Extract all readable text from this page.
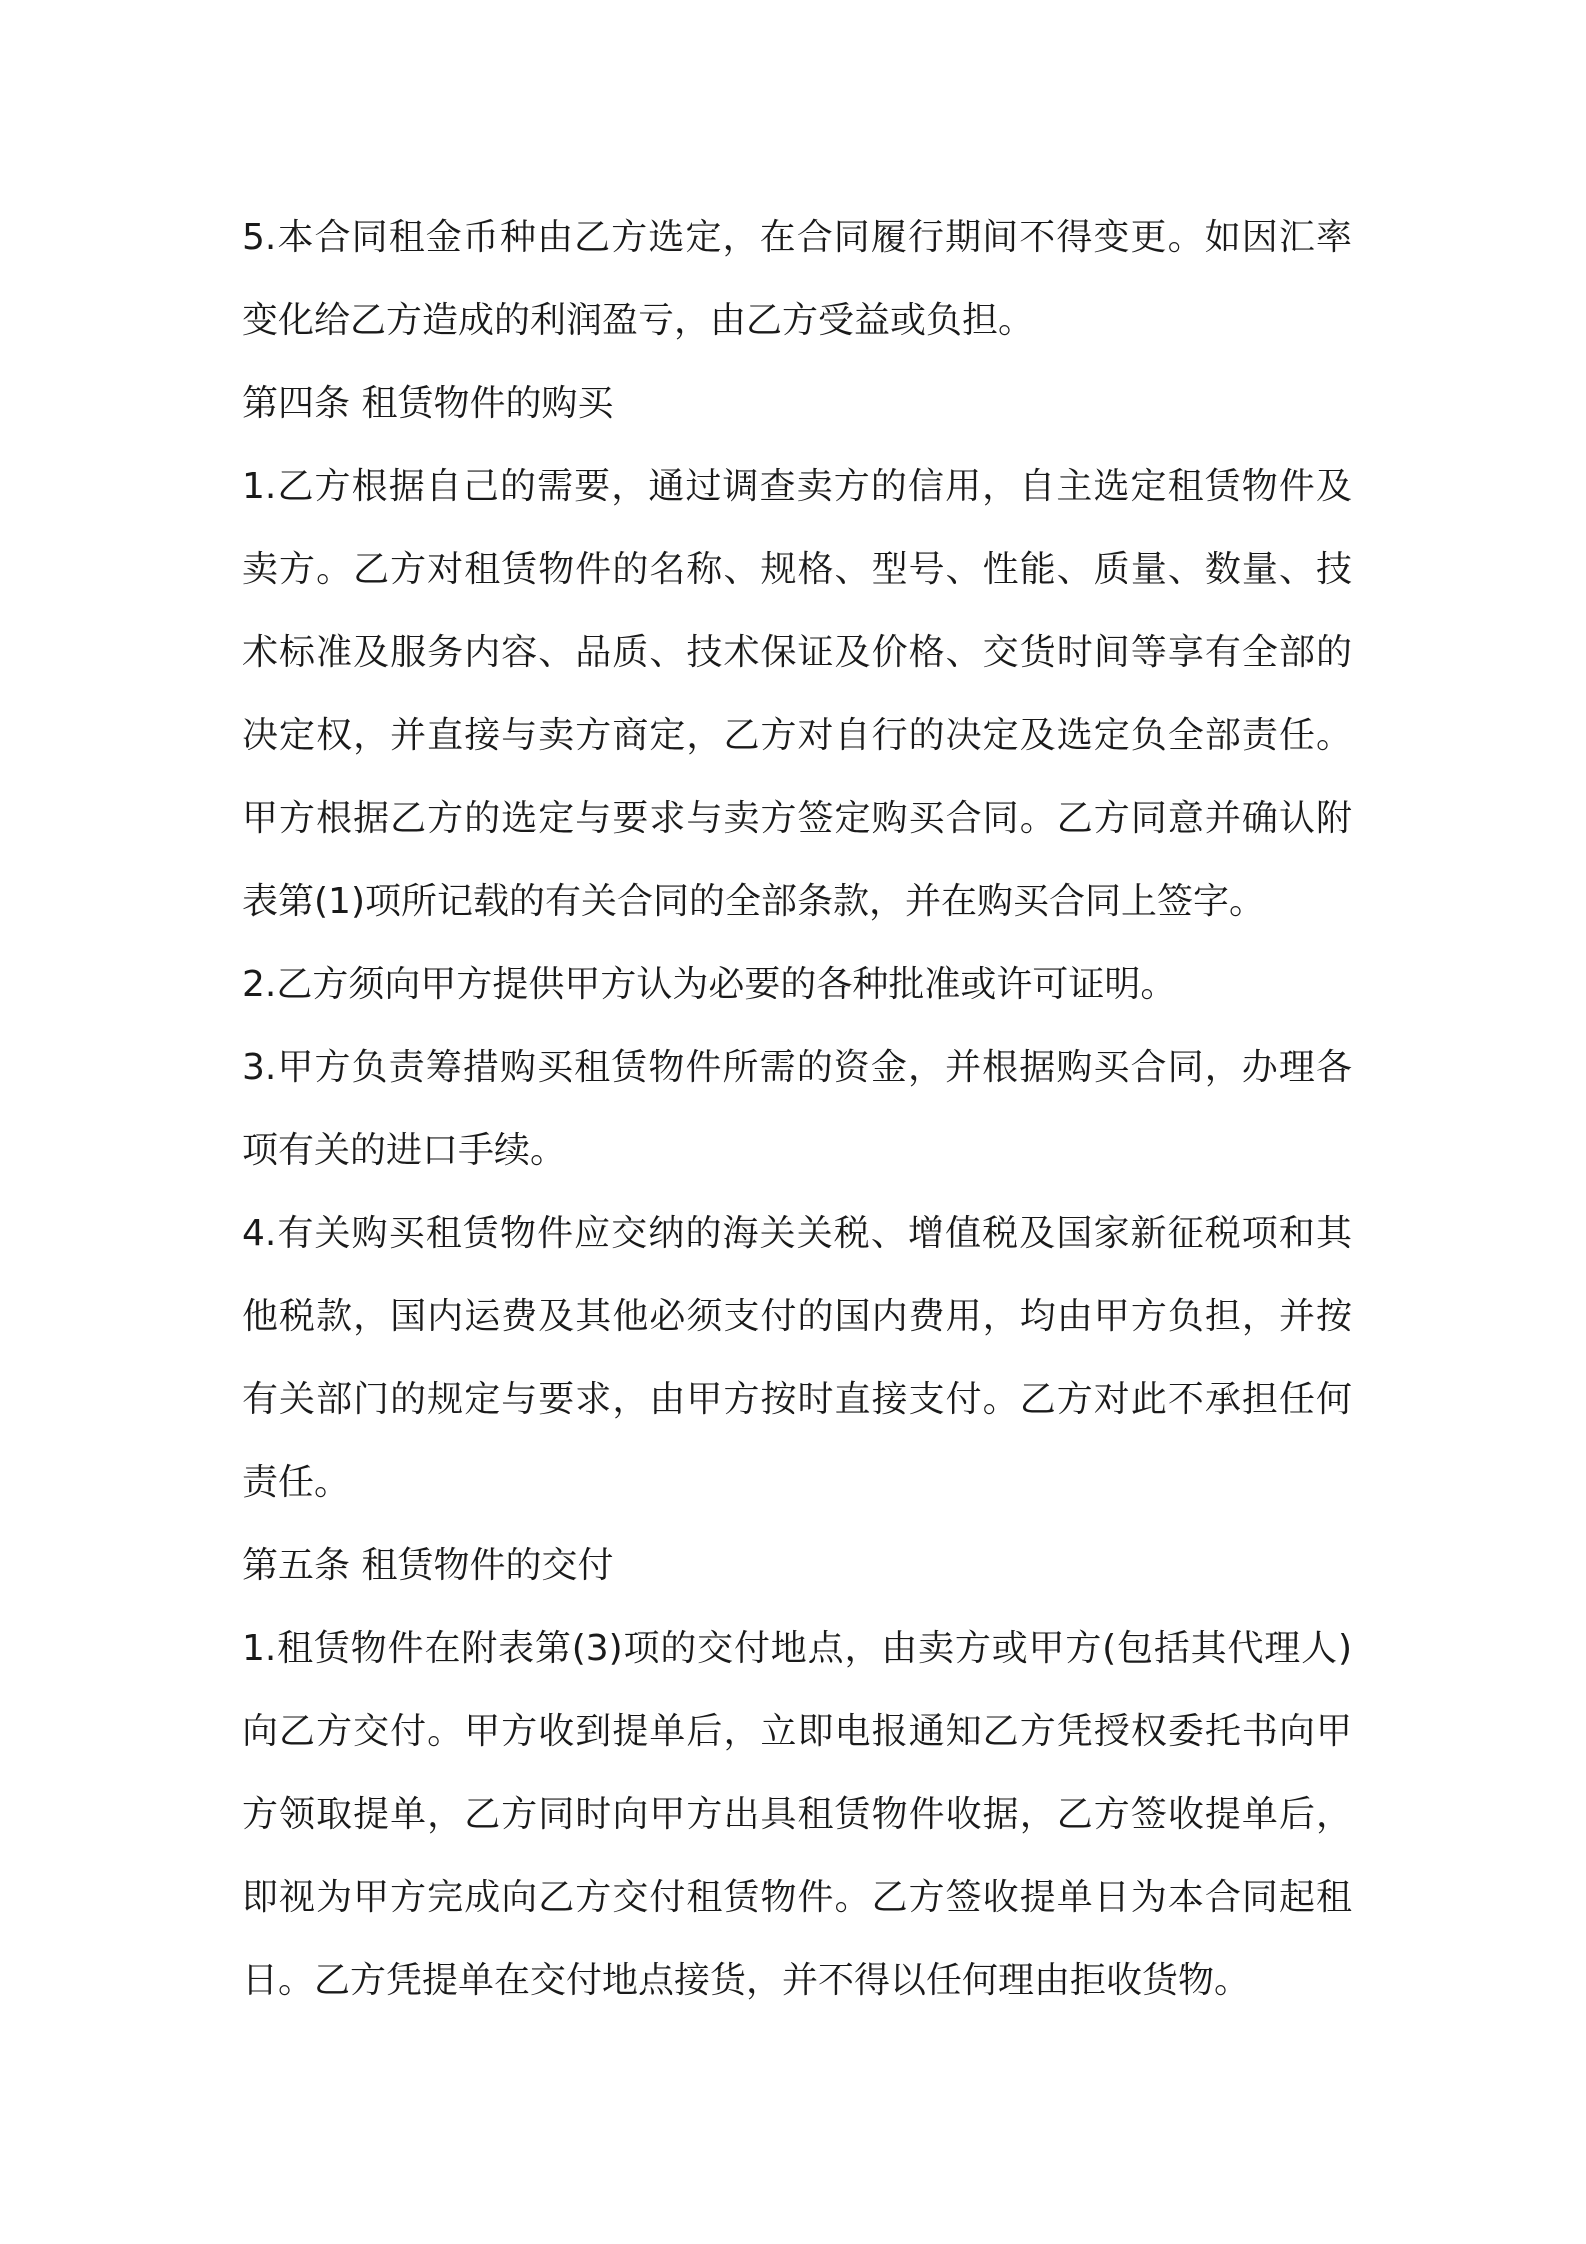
5.本合同租金币种由乙方选定，在合同履行期间不得变更。如因汇率变化给乙方造成的利润盈亏，由乙方受益或负担。

第四条 租赁物件的购买

1.乙方根据自己的需要，通过调查卖方的信用，自主选定租赁物件及卖方。乙方对租赁物件的名称、规格、型号、性能、质量、数量、技术标准及服务内容、品质、技术保证及价格、交货时间等享有全部的决定权，并直接与卖方商定，乙方对自行的决定及选定负全部责任。甲方根据乙方的选定与要求与卖方签定购买合同。乙方同意并确认附表第(1)项所记载的有关合同的全部条款，并在购买合同上签字。

2.乙方须向甲方提供甲方认为必要的各种批准或许可证明。

3.甲方负责筹措购买租赁物件所需的资金，并根据购买合同，办理各项有关的进口手续。

4.有关购买租赁物件应交纳的海关关税、增值税及国家新征税项和其他税款，国内运费及其他必须支付的国内费用，均由甲方负担，并按有关部门的规定与要求，由甲方按时直接支付。乙方对此不承担任何责任。

第五条 租赁物件的交付

1.租赁物件在附表第(3)项的交付地点，由卖方或甲方(包括其代理人)向乙方交付。甲方收到提单后，立即电报通知乙方凭授权委托书向甲方领取提单，乙方同时向甲方出具租赁物件收据，乙方签收提单后，即视为甲方完成向乙方交付租赁物件。乙方签收提单日为本合同起租日。乙方凭提单在交付地点接货，并不得以任何理由拒收货物。
